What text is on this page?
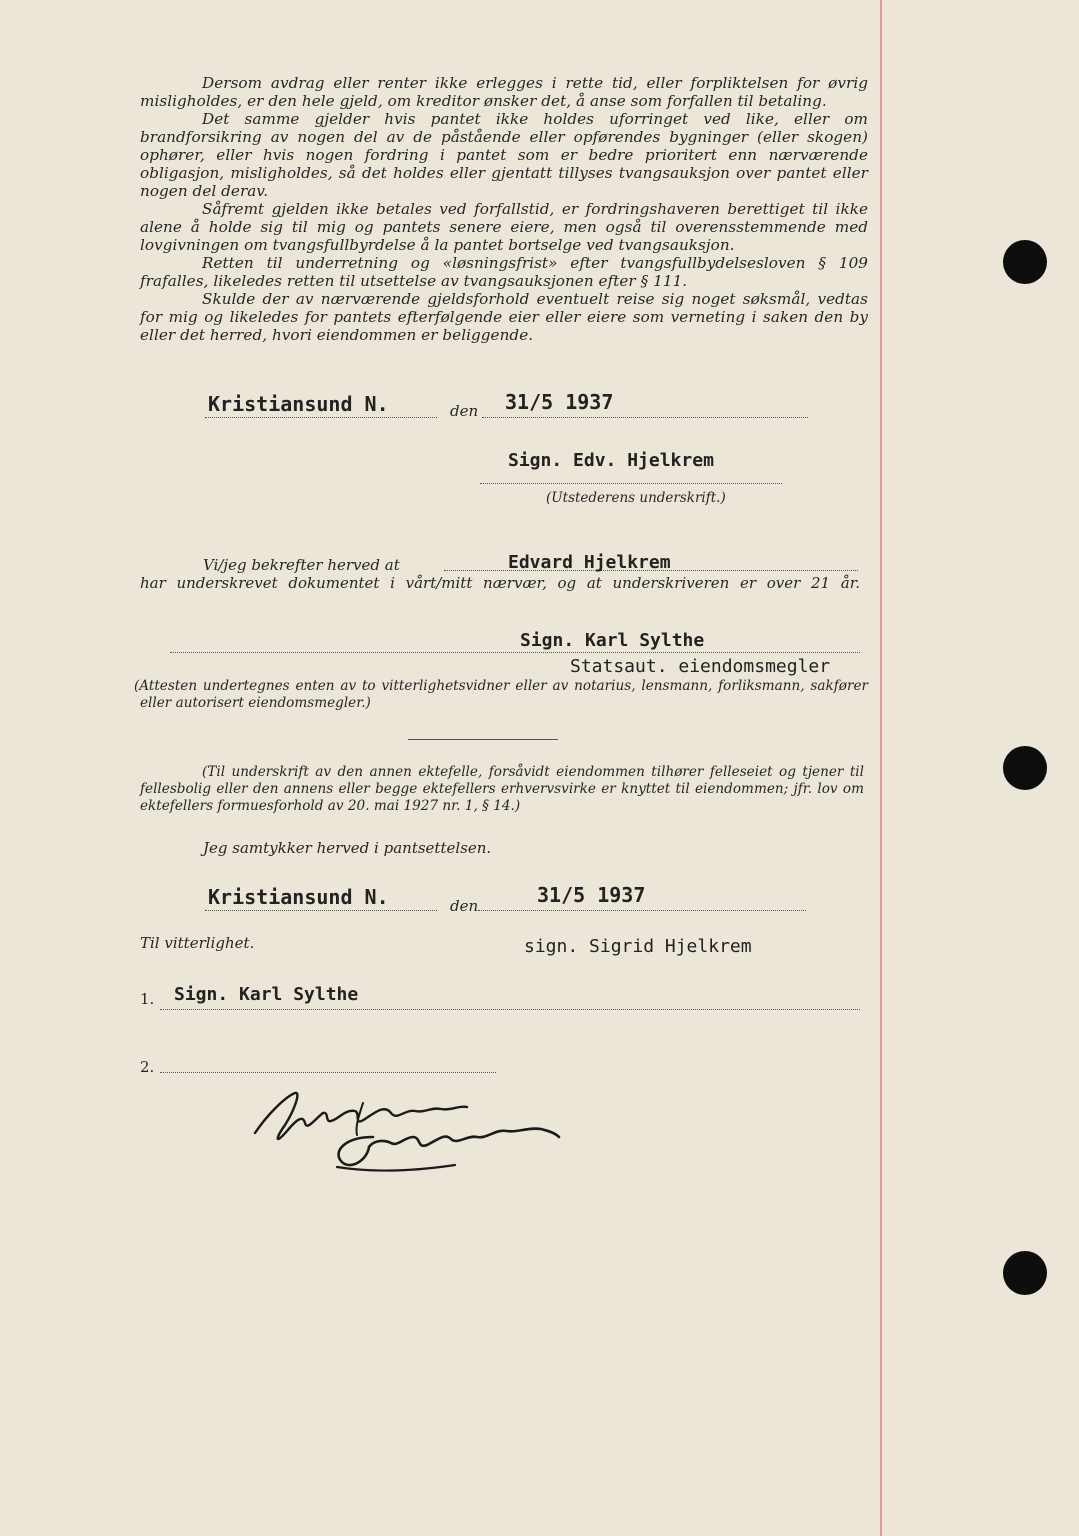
Dersom avdrag eller renter ikke erlegges i rette tid, eller forpliktelsen for øvrig misligholdes, er den hele gjeld, om kreditor ønsker det, å anse som forfallen til betaling.

Det samme gjelder hvis pantet ikke holdes uforringet ved like, eller om brandforsikring av nogen del av de påstående eller opførendes bygninger (eller skogen) ophører, eller hvis nogen fordring i pantet som er bedre prioritert enn nærværende obligasjon, misligholdes, så det holdes eller gjentatt tillyses tvangsauksjon over pantet eller nogen del derav.

Såfremt gjelden ikke betales ved forfallstid, er fordringshaveren berettiget til ikke alene å holde sig til mig og pantets senere eiere, men også til overensstemmende med lovgivningen om tvangsfullbyrdelse å la pantet bortselge ved tvangsauksjon.

Retten til underretning og «løsningsfrist» efter tvangsfullbydelsesloven § 109 frafalles, likeledes retten til utsettelse av tvangsauksjonen efter § 111.

Skulde der av nærværende gjeldsforhold eventuelt reise sig noget søksmål, vedtas for mig og likeledes for pantets efterfølgende eier eller eiere som verneting i saken den by eller det herred, hvori eiendommen er beliggende.

Kristiansund N.	den 31/5 1937
Sign. Edv. Hjelkrem
(Utstederens underskrift.)
Vi/jeg bekrefter herved at	Edvard Hjelkrem
har underskrevet dokumentet i vårt/mitt nærvær, og at underskriveren er over 21 år.
Sign. Karl Sylthe
Statsaut. eiendomsmegler

(Attesten undertegnes enten av to vitterlighetsvidner eller av notarius, lensmann, forliksmann, sakfører eller autorisert eiendomsmegler.)

(Til underskrift av den annen ektefelle, forsåvidt eiendommen tilhører felleseiet og tjener til fellesbolig eller den annens eller begge ektefellers erhvervsvirke er knyttet til eiendommen; jfr. lov om ektefellers formuesforhold av 20. mai 1927 nr. 1, § 14.)

Jeg samtykker herved i pantsettelsen.
Kristiansund N.	den	31/5 1937
Til vitterlighet.	sign. Sigrid Hjelkrem
1. Sign. Karl Sylthe
2.
